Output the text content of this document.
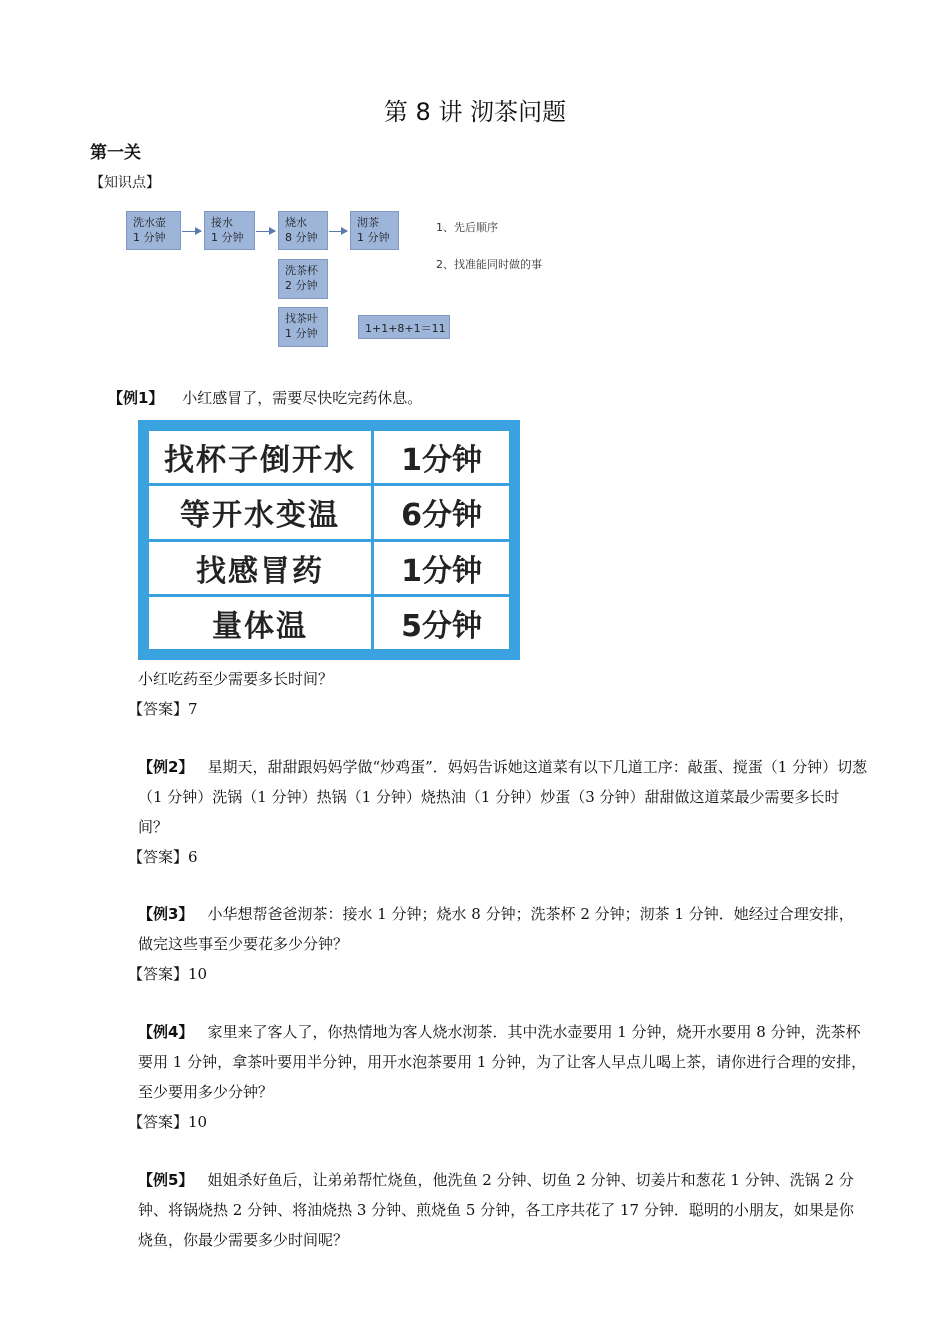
第 8 讲 沏茶问题
第一关
【知识点】
洗水壶
1 分钟
接水
1 分钟
烧水
8 分钟
沏茶
1 分钟
洗茶杯
2 分钟
找茶叶
1 分钟	1+1+8+1＝11
1、先后顺序
2、找准能同时做的事
【例1】 小红感冒了，需要尽快吃完药休息。
找杯子倒开水	1分钟
等开水变温	6分钟
找感冒药	1分钟
量体温	5分钟
小红吃药至少需要多长时间？
【答案】7
【例2】 星期天，甜甜跟妈妈学做“炒鸡蛋”．妈妈告诉她这道菜有以下几道工序：敲蛋、搅蛋（1 分钟）切葱（1 分钟）洗锅（1 分钟）热锅（1 分钟）烧热油（1 分钟）炒蛋（3 分钟）甜甜做这道菜最少需要多长时间？
【答案】6
【例3】 小华想帮爸爸沏茶：接水 1 分钟；烧水 8 分钟；洗茶杯 2 分钟；沏茶 1 分钟．她经过合理安排，做完这些事至少要花多少分钟？
【答案】10
【例4】 家里来了客人了，你热情地为客人烧水沏茶．其中洗水壶要用 1 分钟，烧开水要用 8 分钟，洗茶杯要用 1 分钟，拿茶叶要用半分钟，用开水泡茶要用 1 分钟，为了让客人早点儿喝上茶，请你进行合理的安排，至少要用多少分钟？
【答案】10
【例5】 姐姐杀好鱼后，让弟弟帮忙烧鱼，他洗鱼 2 分钟、切鱼 2 分钟、切姜片和葱花 1 分钟、洗锅 2 分钟、将锅烧热 2 分钟、将油烧热 3 分钟、煎烧鱼 5 分钟，各工序共花了 17 分钟．聪明的小朋友，如果是你烧鱼，你最少需要多少时间呢？
